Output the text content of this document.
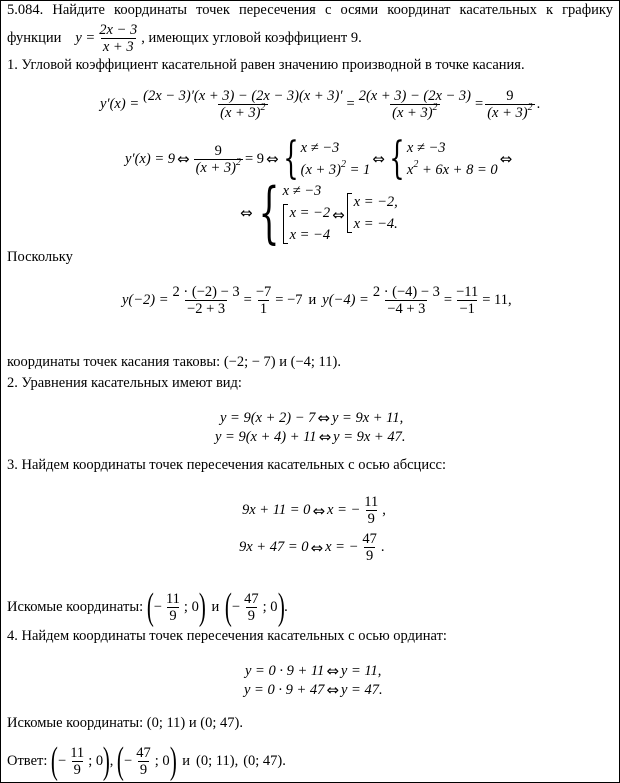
5.084. Найдите координаты точек пересечения с осями координат касательных к графику
функции $y = \frac{2x - 3}{x + 3}$ , имеющих угловой коэффициент 9.
1. Угловой коэффициент касательной равен значению производной в точке касания.
$y'(x) = \frac{(2x - 3)'(x + 3) - (2x - 3)(x + 3)'}{(x + 3)^2} = \frac{2(x + 3) - (2x - 3)}{(x + 3)^2} = \frac{9}{(x + 3)^2}$ .
y′(x) = 9 ⇔ $\frac{9}{(x + 3)^2} = 9$ ⇔ { x ≠ −3
$(x + 3)^2 = 1$
⇔ { x ≠ −3
$x^2 + 6x + 8 = 0$
⇔
⇔ { x ≠ −3
x = −2
x = −4
⇔
x = −2,
x = −4.
Поскольку
$y(-2) = \frac{2 \cdot (-2) - 3}{-2 + 3} = \frac{-7}{1} = -7$ и $y(-4) = \frac{2 \cdot (-4) - 3}{-4 + 3} = \frac{-11}{-1} = 11$,
координаты точек касания таковы: (−2; − 7) и (−4; 11).
2. Уравнения касательных имеют вид:
y = 9(x + 2) − 7 ⇔ y = 9x + 11,
y = 9(x + 4) + 11 ⇔ y = 9x + 47.
3. Найдем координаты точек пересечения касательных с осью абсцисс:
9x + 11 = 0 ⇔ x = − $\frac{11}{9}$ ,
9x + 47 = 0 ⇔ x = − $\frac{47}{9}$ .
Искомые координаты: ( − $\frac{11}{9}$ ; 0 ) и ( − $\frac{47}{9}$ ; 0 ) .
4. Найдем координаты точек пересечения касательных с осью ординат:
y = 0 · 9 + 11 ⇔ y = 11,
y = 0 · 9 + 47 ⇔ y = 47.
Искомые координаты: (0; 11) и (0; 47).
Ответ: ( − $\frac{11}{9}$ ; 0 ) , ( − $\frac{47}{9}$ ; 0 ) и (0; 11), (0; 47) .
